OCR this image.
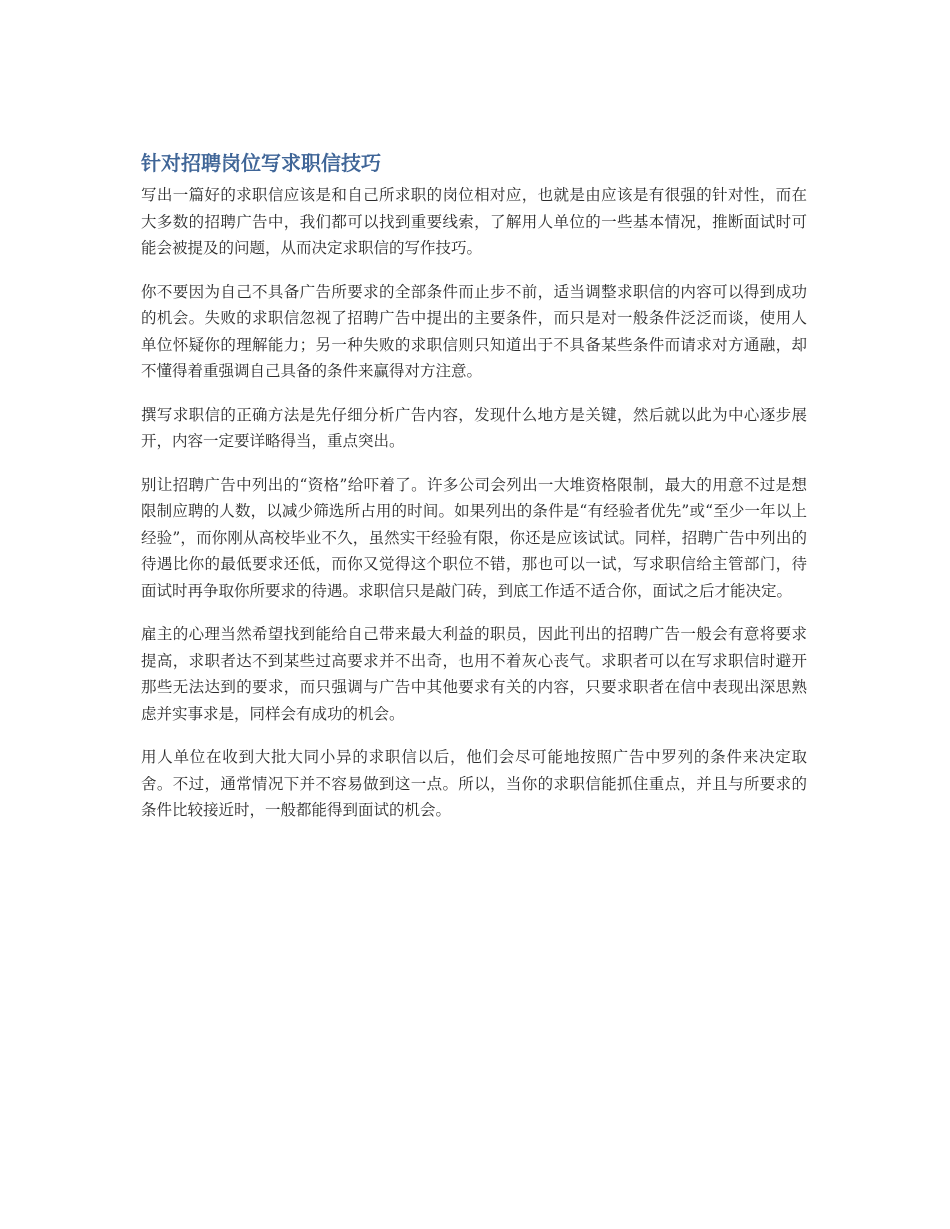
针对招聘岗位写求职信技巧

写出一篇好的求职信应该是和自己所求职的岗位相对应，也就是由应该是有很强的针对性，而在大多数的招聘广告中，我们都可以找到重要线索，了解用人单位的一些基本情况，推断面试时可能会被提及的问题，从而决定求职信的写作技巧。

你不要因为自己不具备广告所要求的全部条件而止步不前，适当调整求职信的内容可以得到成功的机会。失败的求职信忽视了招聘广告中提出的主要条件，而只是对一般条件泛泛而谈，使用人单位怀疑你的理解能力；另一种失败的求职信则只知道出于不具备某些条件而请求对方通融，却不懂得着重强调自己具备的条件来赢得对方注意。

撰写求职信的正确方法是先仔细分析广告内容，发现什么地方是关键，然后就以此为中心逐步展开，内容一定要详略得当，重点突出。

别让招聘广告中列出的“资格”给吓着了。许多公司会列出一大堆资格限制，最大的用意不过是想限制应聘的人数，以减少筛选所占用的时间。如果列出的条件是“有经验者优先”或“至少一年以上经验”，而你刚从高校毕业不久，虽然实干经验有限，你还是应该试试。同样，招聘广告中列出的待遇比你的最低要求还低，而你又觉得这个职位不错，那也可以一试，写求职信给主管部门，待面试时再争取你所要求的待遇。求职信只是敲门砖，到底工作适不适合你，面试之后才能决定。

雇主的心理当然希望找到能给自己带来最大利益的职员，因此刊出的招聘广告一般会有意将要求提高，求职者达不到某些过高要求并不出奇，也用不着灰心丧气。求职者可以在写求职信时避开那些无法达到的要求，而只强调与广告中其他要求有关的内容，只要求职者在信中表现出深思熟虑并实事求是，同样会有成功的机会。

用人单位在收到大批大同小异的求职信以后，他们会尽可能地按照广告中罗列的条件来决定取舍。不过，通常情况下并不容易做到这一点。所以，当你的求职信能抓住重点，并且与所要求的条件比较接近时，一般都能得到面试的机会。
